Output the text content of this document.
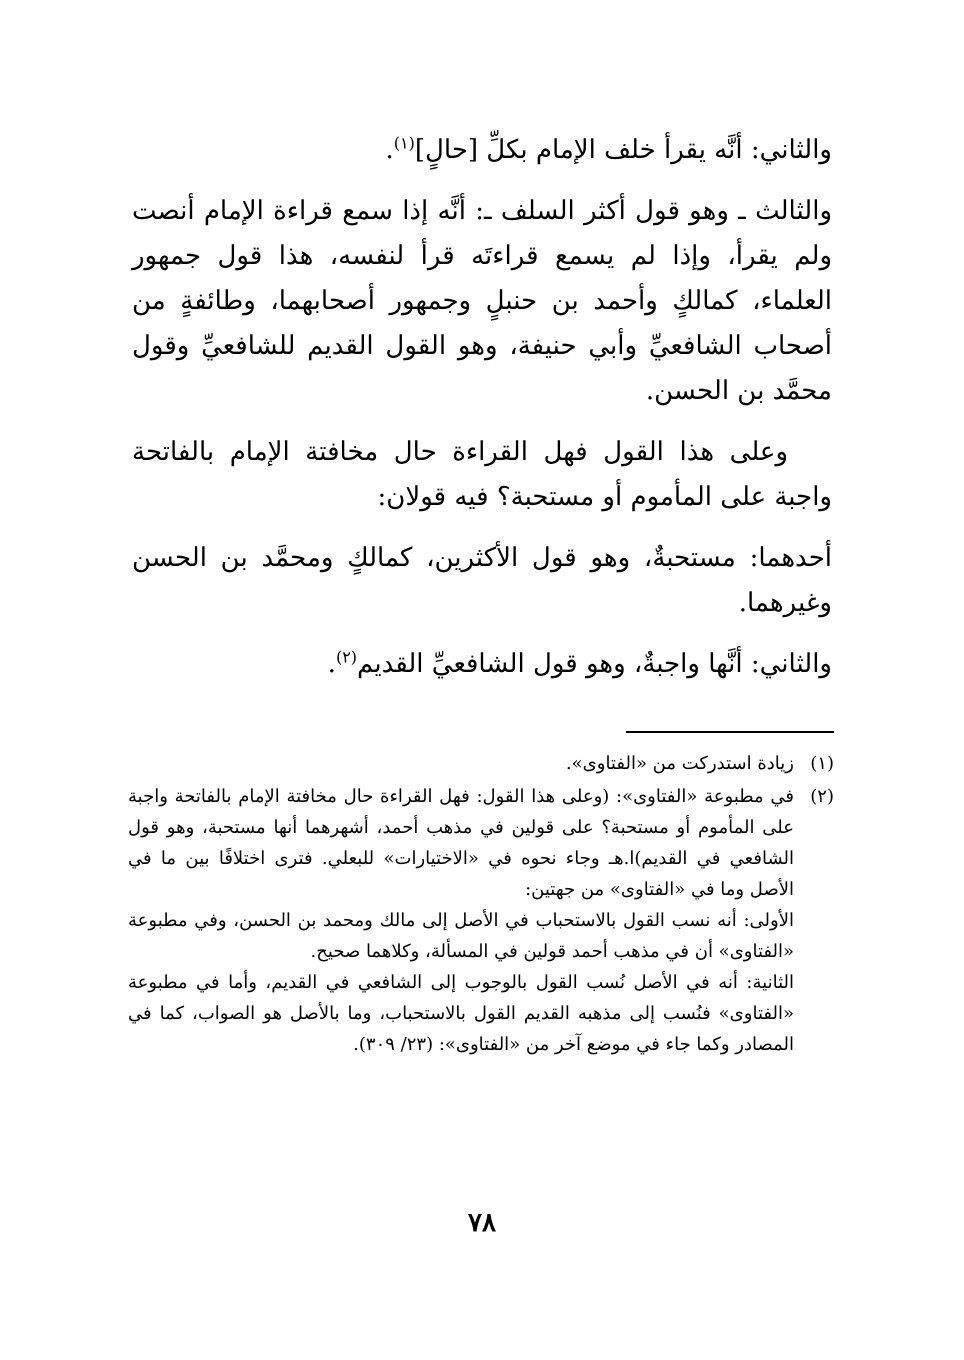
والثاني: أنَّه يقرأ خلف الإمام بكلِّ [حالٍ]$^{(١)}$.

والثالث ـ وهو قول أكثر السلف ـ: أنَّه إذا سمع قراءة الإمام أنصت ولم يقرأ، وإذا لم يسمع قراءتَه قرأ لنفسه، هذا قول جمهور العلماء، كمالكٍ وأحمد بن حنبلٍ وجمهور أصحابهما، وطائفةٍ من أصحاب الشافعيِّ وأبي حنيفة، وهو القول القديم للشافعيِّ وقول محمَّد بن الحسن.

وعلى هذا القول فهل القراءة حال مخافتة الإمام بالفاتحة واجبة على المأموم أو مستحبة؟ فيه قولان:

أحدهما: مستحبةٌ، وهو قول الأكثرين، كمالكٍ ومحمَّد بن الحسن وغيرهما.

والثاني: أنَّها واجبةٌ، وهو قول الشافعيِّ القديم$^{(٢)}$.

(١)

زيادة استدركت من «الفتاوى».

(٢)

في مطبوعة «الفتاوى»: (وعلى هذا القول: فهل القراءة حال مخافتة الإمام بالفاتحة واجبة على المأموم أو مستحبة؟ على قولين في مذهب أحمد، أشهرهما أنها مستحبة، وهو قول الشافعي في القديم)ا.هـ وجاء نحوه في «الاختيارات» للبعلي. فترى اختلافًا بين ما في الأصل وما في «الفتاوى» من جهتين:

الأولى: أنه نسب القول بالاستحباب في الأصل إلى مالك ومحمد بن الحسن، وفي مطبوعة «الفتاوى» أن في مذهب أحمد قولين في المسألة، وكلاهما صحيح.

الثانية: أنه في الأصل نُسب القول بالوجوب إلى الشافعي في القديم، وأما في مطبوعة «الفتاوى» فنُسب إلى مذهبه القديم القول بالاستحباب، وما بالأصل هو الصواب، كما في المصادر وكما جاء في موضع آخر من «الفتاوى»: (٢٣/ ٣٠٩).

٧٨
